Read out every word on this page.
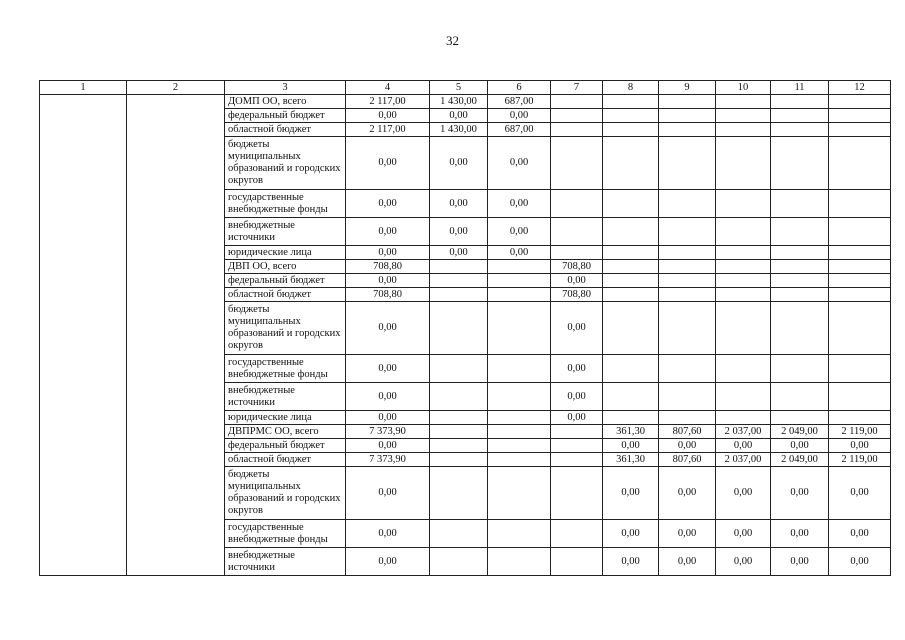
32
1	2	3	4	5	6	7	8	9	10	11	12
		ДОМП ОО, всего	2 117,00	1 430,00	687,00						
		федеральный бюджет	0,00	0,00	0,00						
		областной бюджет	2 117,00	1 430,00	687,00						
		бюджеты муниципальных образований и городских округов	0,00	0,00	0,00						
		государственные внебюджетные фонды	0,00	0,00	0,00						
		внебюджетные источники	0,00	0,00	0,00						
		юридические лица	0,00	0,00	0,00						
		ДВП ОО, всего	708,80			708,80					
		федеральный бюджет	0,00			0,00					
		областной бюджет	708,80			708,80					
		бюджеты муниципальных образований и городских округов	0,00			0,00					
		государственные внебюджетные фонды	0,00			0,00					
		внебюджетные источники	0,00			0,00					
		юридические лица	0,00			0,00					
		ДВПРМС ОО, всего	7 373,90				361,30	807,60	2 037,00	2 049,00	2 119,00
		федеральный бюджет	0,00				0,00	0,00	0,00	0,00	0,00
		областной бюджет	7 373,90				361,30	807,60	2 037,00	2 049,00	2 119,00
		бюджеты муниципальных образований и городских округов	0,00				0,00	0,00	0,00	0,00	0,00
		государственные внебюджетные фонды	0,00				0,00	0,00	0,00	0,00	0,00
		внебюджетные источники	0,00				0,00	0,00	0,00	0,00	0,00
